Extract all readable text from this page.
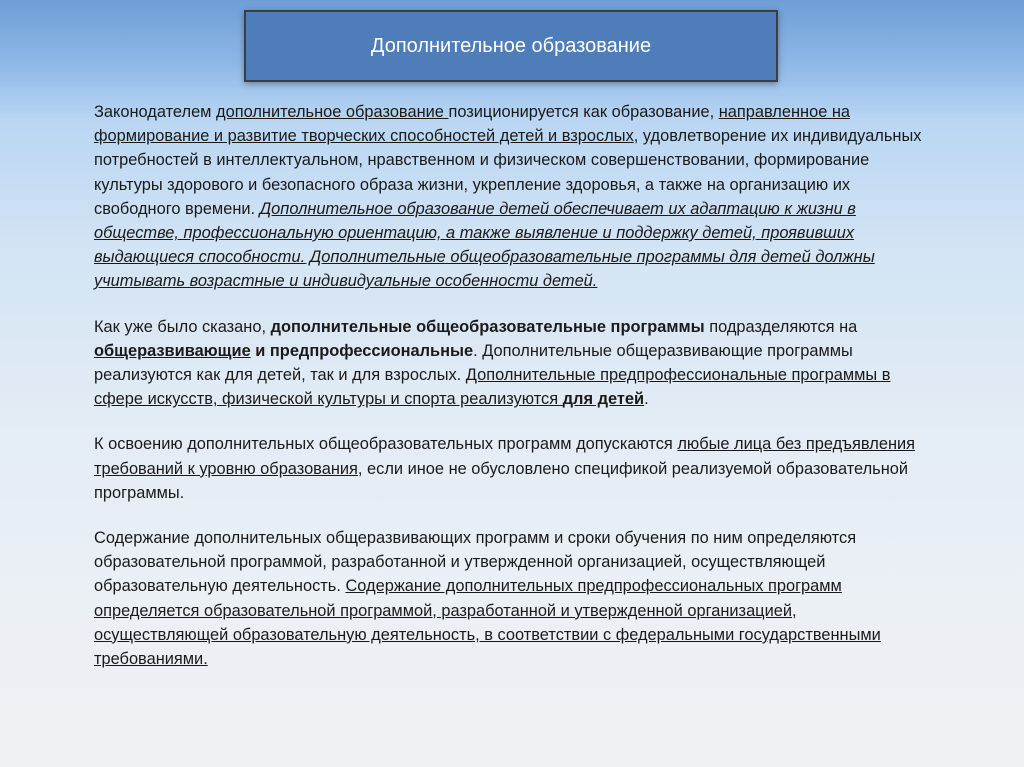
Дополнительное образование

Законодателем дополнительное образование позиционируется как образование, направленное на формирование и развитие творческих способностей детей и взрослых, удовлетворение их индивидуальных потребностей в интеллектуальном, нравственном и физическом совершенствовании, формирование культуры здорового и безопасного образа жизни, укрепление здоровья, а также на организацию их свободного времени. Дополнительное образование детей обеспечивает их адаптацию к жизни в обществе, профессиональную ориентацию, а также выявление и поддержку детей, проявивших выдающиеся способности. Дополнительные общеобразовательные программы для детей должны учитывать возрастные и индивидуальные особенности детей.

Как уже было сказано, дополнительные общеобразовательные программы подразделяются на общеразвивающие и предпрофессиональные. Дополнительные общеразвивающие программы реализуются как для детей, так и для взрослых. Дополнительные предпрофессиональные программы в сфере искусств, физической культуры и спорта реализуются для детей.

К освоению дополнительных общеобразовательных программ допускаются любые лица без предъявления требований к уровню образования, если иное не обусловлено спецификой реализуемой образовательной программы.

Содержание дополнительных общеразвивающих программ и сроки обучения по ним определяются образовательной программой, разработанной и утвержденной организацией, осуществляющей образовательную деятельность. Содержание дополнительных предпрофессиональных программ определяется образовательной программой, разработанной и утвержденной организацией, осуществляющей образовательную деятельность, в соответствии с федеральными государственными требованиями.
